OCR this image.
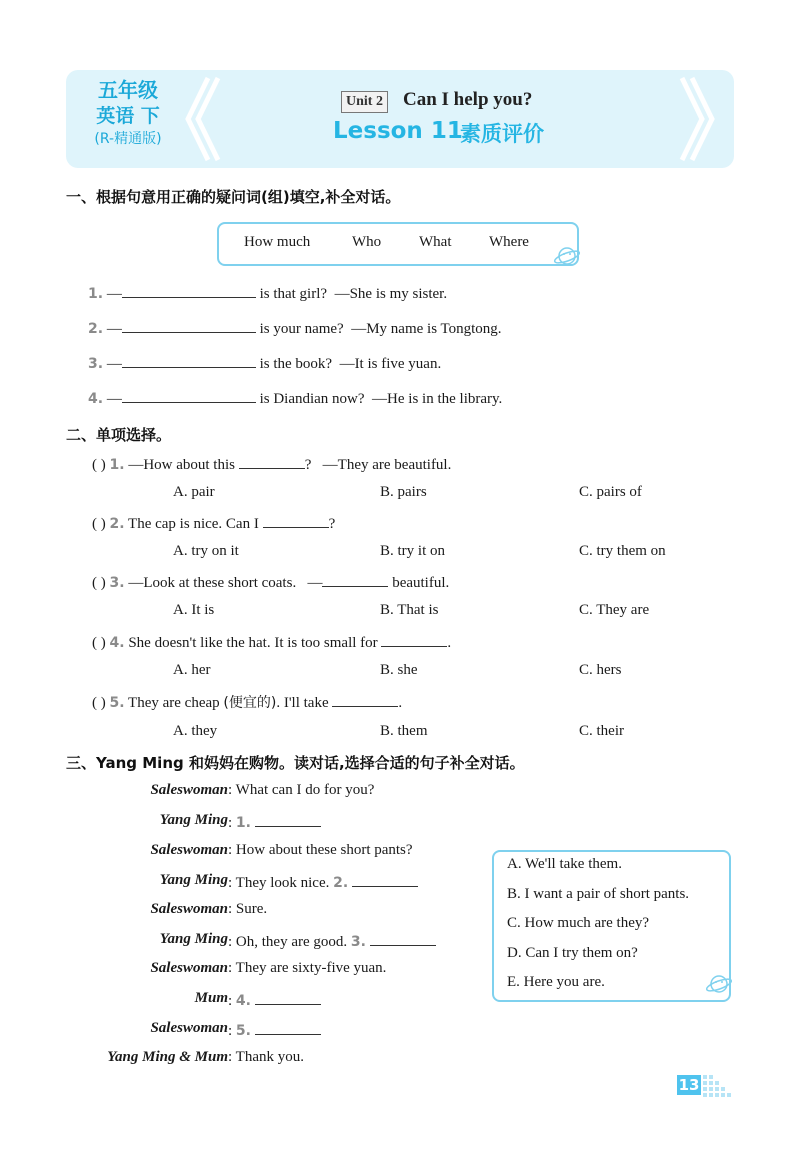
五年级
英语 下
(R-精通版)
Unit 2 Can I help you?
Lesson 11
素质评价
一、根据句意用正确的疑问词(组)填空,补全对话。
How much	Who	What	Where
1. —	is that girl? —She is my sister.
2. —	is your name? —My name is Tongtong.
3. —	is the book? —It is five yuan.
4. —	is Diandian now? —He is in the library.
二、单项选择。
( ) 1. —How about this	? —They are beautiful.
A. pair	B. pairs	C. pairs of
( ) 2. The cap is nice. Can I	?
A. try on it	B. try it on	C. try them on
( ) 3. —Look at these short coats. —	beautiful.
A. It is	B. That is	C. They are
( ) 4. She doesn't like the hat. It is too small for	.
A. her	B. she	C. hers
( ) 5. They are cheap (便宜的). I'll take	.
A. they	B. them	C. their
三、Yang Ming 和妈妈在购物。读对话,选择合适的句子补全对话。
Saleswoman : What can I do for you?
Yang Ming : 1.
Saleswoman : How about these short pants?
Yang Ming : They look nice. 2.
Saleswoman : Sure.
Yang Ming : Oh, they are good. 3.
Saleswoman : They are sixty-five yuan.
Mum : 4.
Saleswoman : 5.
Yang Ming & Mum : Thank you.
A. We'll take them.
B. I want a pair of short pants.
C. How much are they?
D. Can I try them on?
E. Here you are.
13
